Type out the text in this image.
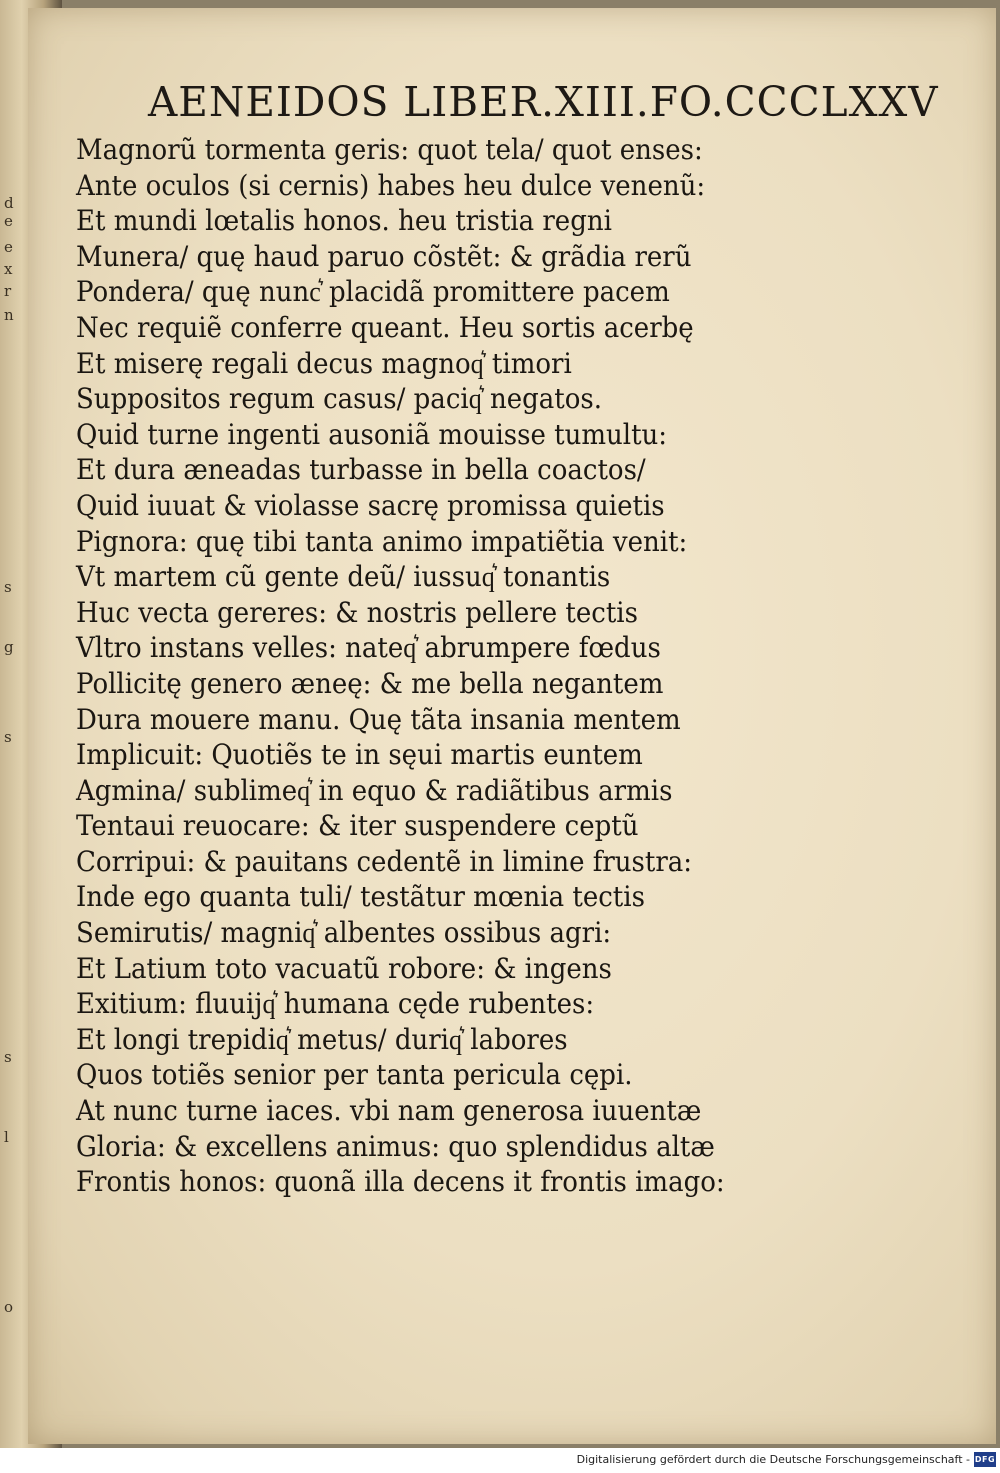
d
e
e
x
r
n
s
g
s
s
l
o
AENEIDOS LIBER.XIII.FO.CCCLXXV
Magnorũ tormenta geris: quot tela/ quot enses:
Ante oculos (si cernis) habes heu dulce venenũ:
Et mundi lœtalis honos. heu tristia regni
Munera/ quę haud paruo cõstẽt: & grãdia rerũ
Pondera/ quę nunc͛ placidã promittere pacem
Nec requiẽ conferre queant. Heu sortis acerbę
Et miserę regali decus magnoq͛ timori
Suppositos regum casus/ paciq͛ negatos.
Quid turne ingenti ausoniã mouisse tumultu:
Et dura æneadas turbasse in bella coactos/
Quid iuuat & violasse sacrę promissa quietis
Pignora: quę tibi tanta animo impatiẽtia venit:
Vt martem cũ gente deũ/ iussuq͛ tonantis
Huc vecta gereres: & nostris pellere tectis
Vltro instans velles: nateq͛ abrumpere fœdus
Pollicitę genero æneę: & me bella negantem
Dura mouere manu. Quę tãta insania mentem
Implicuit: Quotiẽs te in sęui martis euntem
Agmina/ sublimeq͛ in equo & radiãtibus armis
Tentaui reuocare: & iter suspendere ceptũ
Corripui: & pauitans cedentẽ in limine frustra:
Inde ego quanta tuli/ testãtur mœnia tectis
Semirutis/ magniq͛ albentes ossibus agri:
Et Latium toto vacuatũ robore: & ingens
Exitium: fluuijq͛ humana cęde rubentes:
Et longi trepidiq͛ metus/ duriq͛ labores
Quos totiẽs senior per tanta pericula cępi.
At nunc turne iaces. vbi nam generosa iuuentæ
Gloria: & excellens animus: quo splendidus altæ
Frontis honos: quonã illa decens it frontis imago:
Digitalisierung gefördert durch die Deutsche Forschungsgemeinschaft - DFG
